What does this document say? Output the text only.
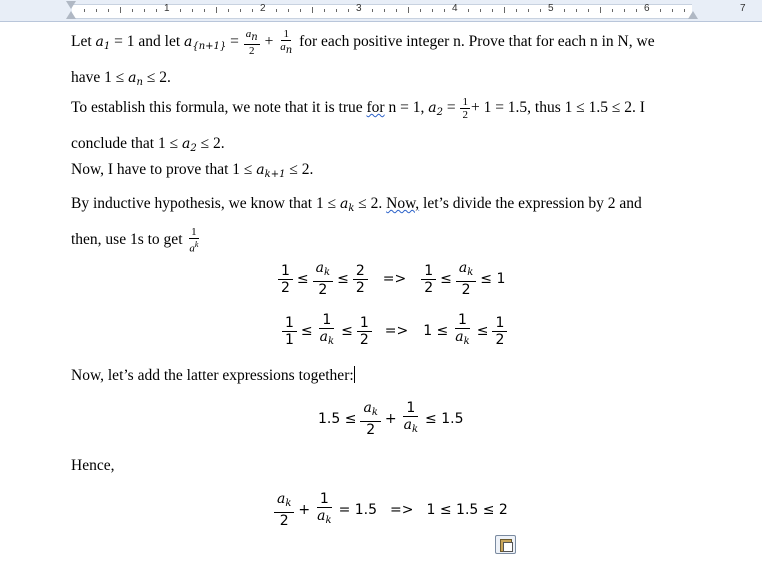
1	2	3	4	5	6	7
Let $a_1 = 1$ and let $a_{\{n+1\}} = \frac{an}{2} + \frac{1}{an}$ for each positive integer n. Prove that for each n in N, we
have $1 \le a_n \le 2$.
To establish this formula, we note that it is true for n = 1, $a_2 = \frac{1}{2} + 1 = 1.5$, thus 1 ≤ 1.5 ≤ 2. I
conclude that $1 \le a_2 \le 2$.
Now, I have to prove that $1 \le a_{k+1} \le 2$.
By inductive hypothesis, we know that $1 \le a_k \le 2$. Now, let’s divide the expression by 2 and
then, use 1s to get $\frac{1}{a^k}$
$\frac{1}{2} \le \frac{a_k}{2} \le \frac{2}{2} => \frac{1}{2} \le \frac{a_k}{2} \le 1$
$\frac{1}{1} \le \frac{1}{a_k} \le \frac{1}{2} => 1 \le \frac{1}{a_k} \le \frac{1}{2}$
Now, let’s add the latter expressions together:
$1.5 \le \frac{a_k}{2} + \frac{1}{a_k} \le 1.5$
Hence,
$\frac{a_k}{2} + \frac{1}{a_k} = 1.5 => 1 \le 1.5 \le 2$
